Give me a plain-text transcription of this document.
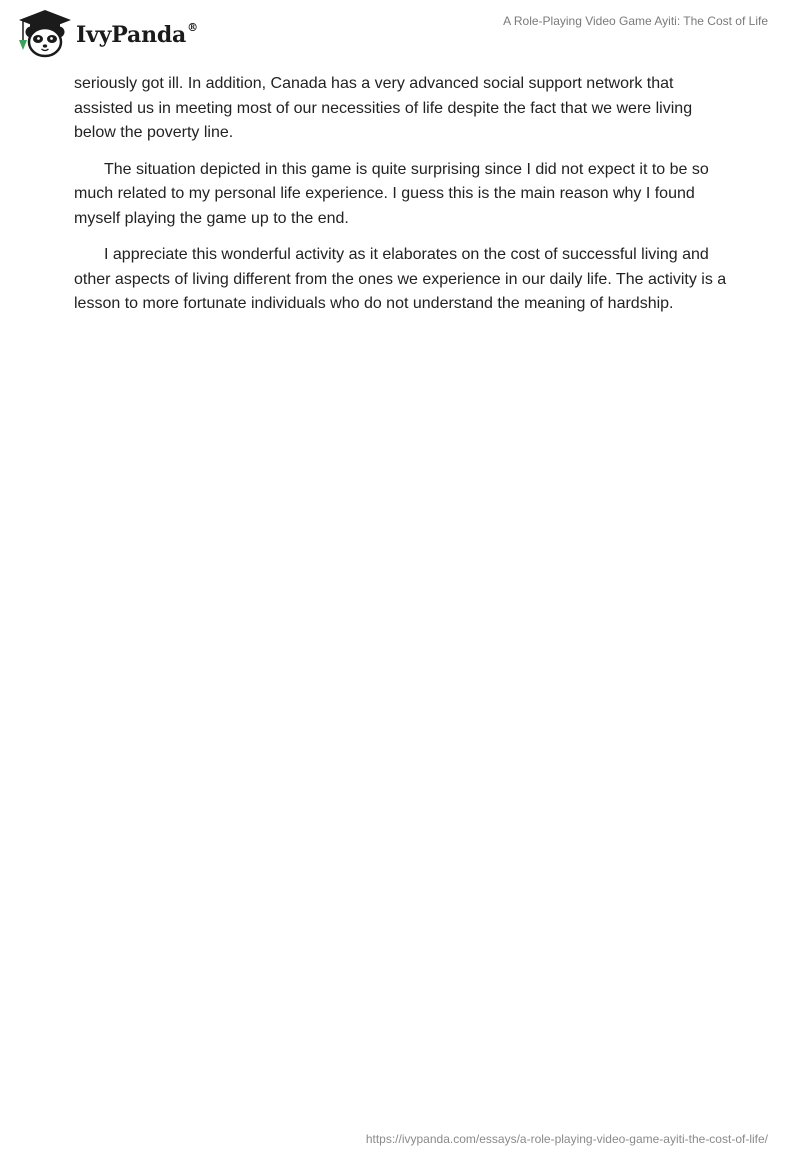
IvyPanda®	A Role-Playing Video Game Ayiti: The Cost of Life

seriously got ill. In addition, Canada has a very advanced social support network that assisted us in meeting most of our necessities of life despite the fact that we were living below the poverty line.

The situation depicted in this game is quite surprising since I did not expect it to be so much related to my personal life experience. I guess this is the main reason why I found myself playing the game up to the end.

I appreciate this wonderful activity as it elaborates on the cost of successful living and other aspects of living different from the ones we experience in our daily life. The activity is a lesson to more fortunate individuals who do not understand the meaning of hardship.

https://ivypanda.com/essays/a-role-playing-video-game-ayiti-the-cost-of-life/
